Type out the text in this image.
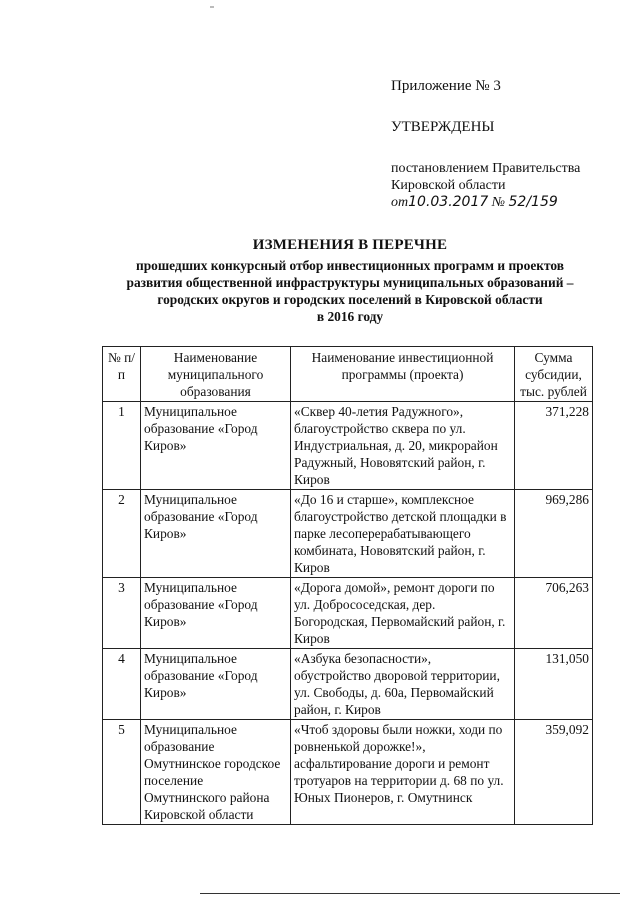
Приложение № 3

УТВЕРЖДЕНЫ

постановлением Правительства

Кировской области

от10.03.2017 № 52/159

ИЗМЕНЕНИЯ В ПЕРЕЧНЕ

прошедших конкурсный отбор инвестиционных программ и проектов

развития общественной инфраструктуры муниципальных образований –

городских округов и городских поселений в Кировской области

в 2016 году

№ п/п	Наименование муниципального образования	Наименование инвестиционной программы (проекта)	Сумма субсидии, тыс. рублей
1	Муниципальное образование «Город Киров»	«Сквер 40-летия Радужного», благоустройство сквера по ул. Индустриальная, д. 20, микрорайон Радужный, Нововятский район, г. Киров	371,228
2	Муниципальное образование «Город Киров»	«До 16 и старше», комплексное благоустройство детской площадки в парке лесоперерабатывающего комбината, Нововятский район, г. Киров	969,286
3	Муниципальное образование «Город Киров»	«Дорога домой», ремонт дороги по ул. Добрососедская, дер. Богородская, Первомайский район, г. Киров	706,263
4	Муниципальное образование «Город Киров»	«Азбука безопасности», обустройство дворовой территории, ул. Свободы, д. 60а, Первомайский район, г. Киров	131,050
5	Муниципальное образование Омутнинское городское поселение Омутнинского района Кировской области	«Чтоб здоровы были ножки, ходи по ровненькой дорожке!», асфальтирование дороги и ремонт тротуаров на территории д. 68 по ул. Юных Пионеров, г. Омутнинск	359,092
